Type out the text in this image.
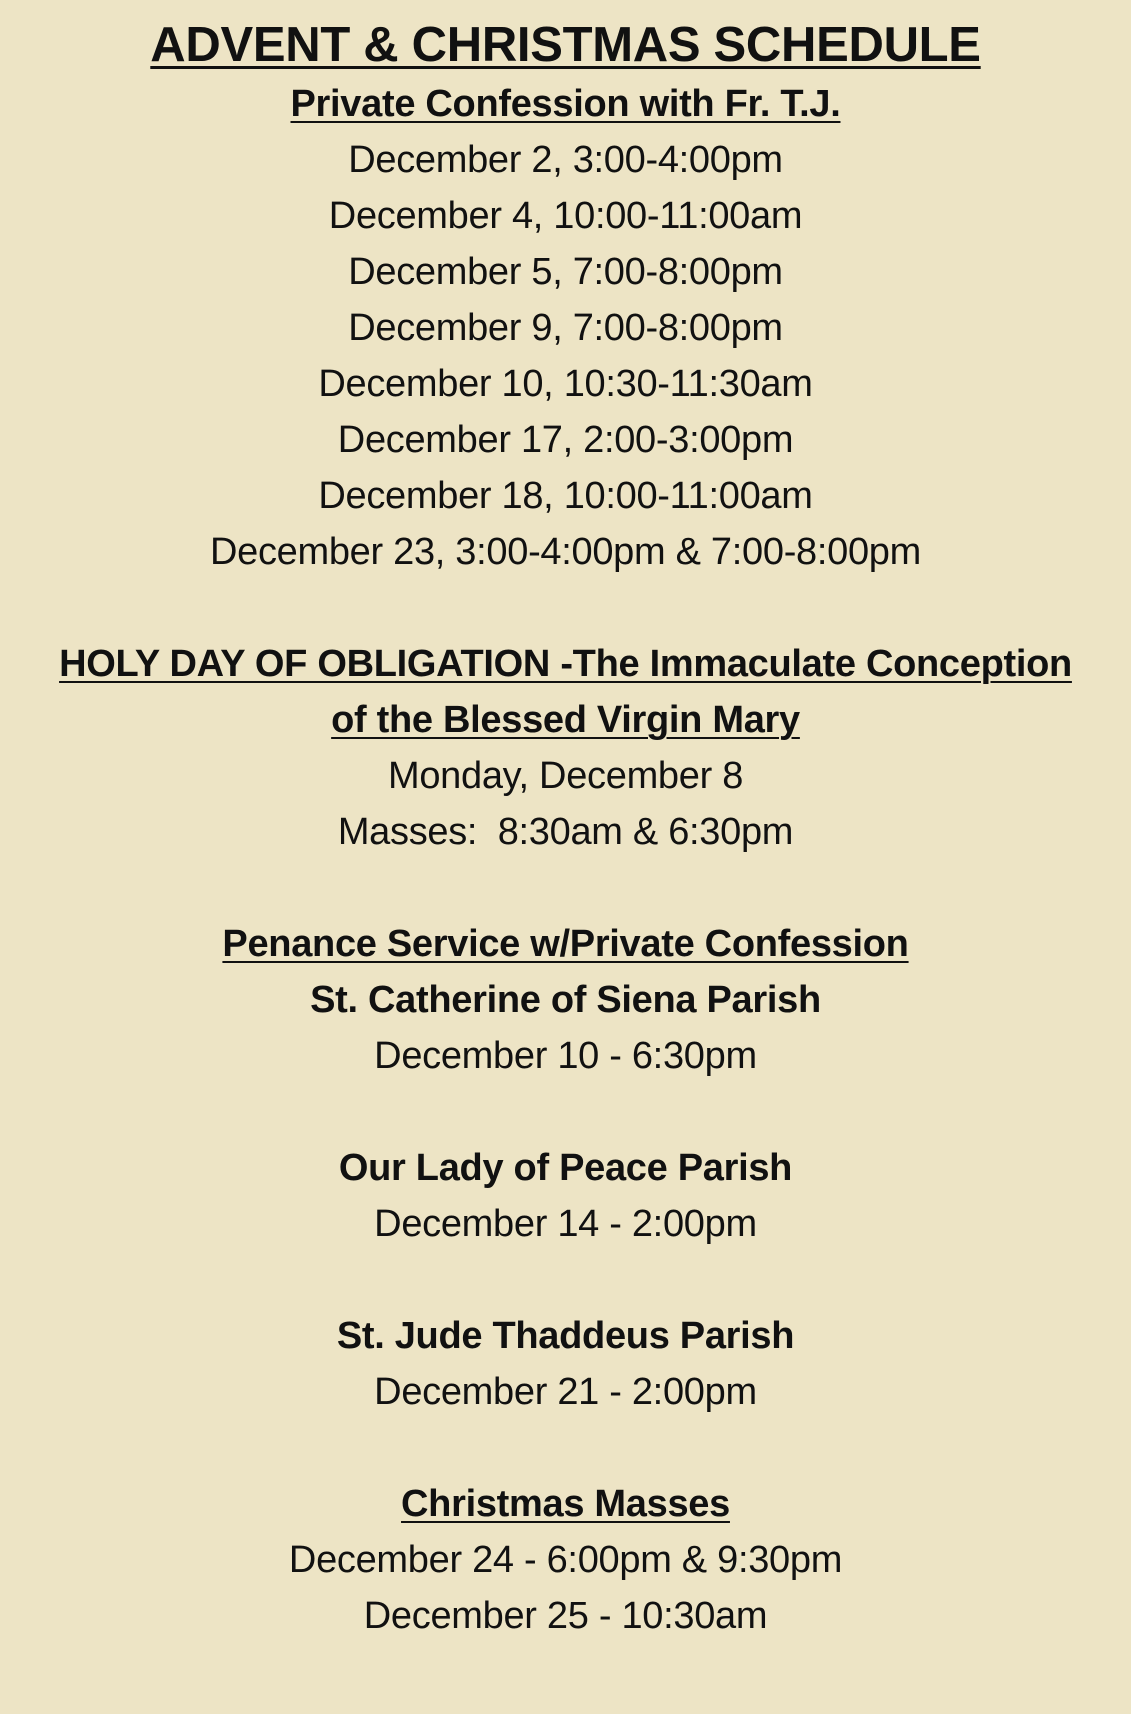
ADVENT & CHRISTMAS SCHEDULE

Private Confession with Fr. T.J.

December 2, 3:00-4:00pm

December 4, 10:00-11:00am

December 5, 7:00-8:00pm

December 9, 7:00-8:00pm

December 10, 10:30-11:30am

December 17, 2:00-3:00pm

December 18, 10:00-11:00am

December 23, 3:00-4:00pm & 7:00-8:00pm

HOLY DAY OF OBLIGATION -The Immaculate Conception

of the Blessed Virgin Mary

Monday, December 8

Masses:  8:30am & 6:30pm

Penance Service w/Private Confession

St. Catherine of Siena Parish

December 10 - 6:30pm

Our Lady of Peace Parish

December 14 - 2:00pm

St. Jude Thaddeus Parish

December 21 - 2:00pm

Christmas Masses

December 24 - 6:00pm & 9:30pm

December 25 - 10:30am
